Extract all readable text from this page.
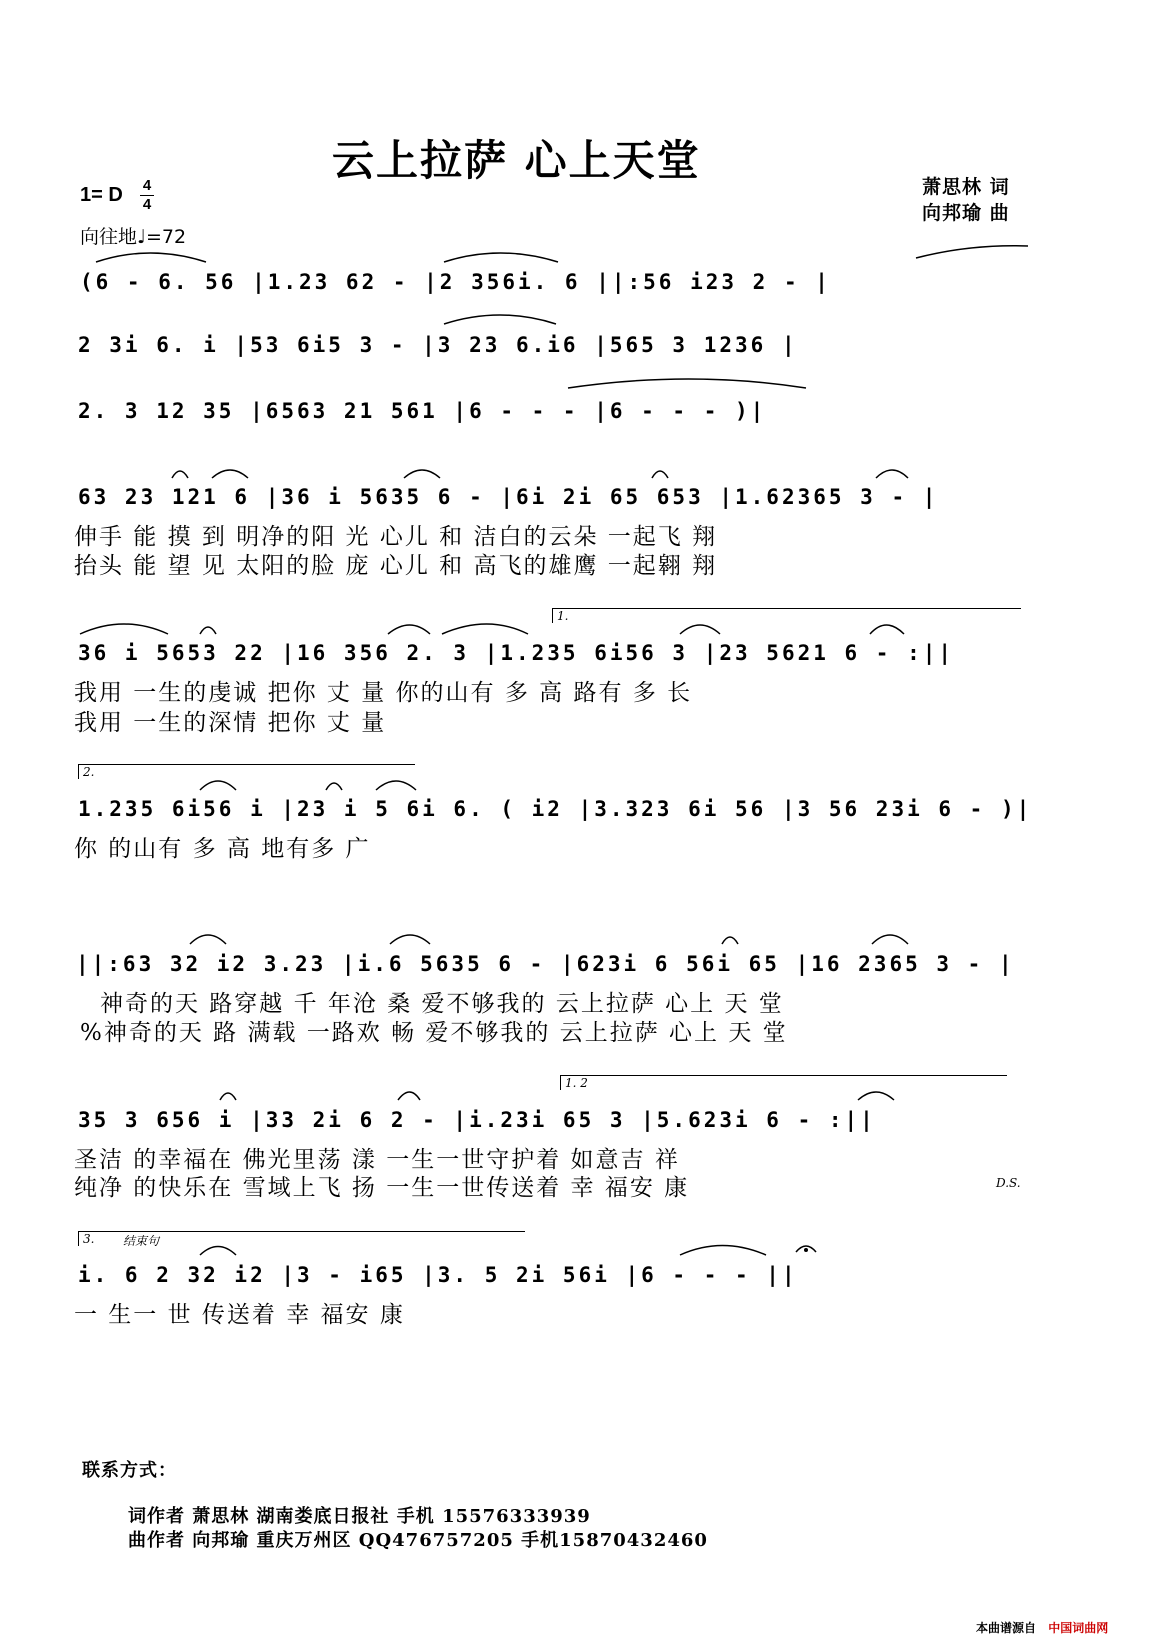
云上拉萨 心上天堂
萧思林 词
向邦瑜 曲
1= D 4
4
向往地♩=72
(6 - 6. 56 |1.23 62 - |2 356i. 6 ||:56 i23 2 - |
2 3i 6. i |53 6i5 3 - |3 23 6.i6 |565 3 1236 |
2. 3 12 35 |6563 21 561 |6 - - - |6 - - - )|
63 23 121 6 |36 i 5635 6 - |6i 2i 65 653 |1.62365 3 - |
伸手 能 摸 到 明净的阳 光 心儿 和 洁白的云朵 一起飞 翔
抬头 能 望 见 太阳的脸 庞 心儿 和 高飞的雄鹰 一起翱 翔
1.
36 i 5653 22 |16 356 2. 3 |1.235 6i56 3 |23 5621 6 - :||
我用 一生的虔诚 把你 丈 量 你的山有 多 高 路有 多 长
我用 一生的深情 把你 丈 量
2.
1.235 6i56 i |23 i 5 6i 6. ( i2 |3.323 6i 56 |3 56 23i 6 - )|
你 的山有 多 高 地有多 广
||:63 32 i2 3.23 |i.6 5635 6 - |623i 6 56i 65 |16 2365 3 - |
神奇的天 路穿越 千 年沧 桑 爱不够我的 云上拉萨 心上 天 堂
%神奇的天 路 满载 一路欢 畅 爱不够我的 云上拉萨 心上 天 堂
1. 2
35 3 656 i |33 2i 6 2 - |i.23i 65 3 |5.623i 6 - :||
圣洁 的幸福在 佛光里荡 漾 一生一世守护着 如意吉 祥
纯净 的快乐在 雪域上飞 扬 一生一世传送着 幸 福安 康	D.S.
3. 结束句
i. 6 2 32 i2 |3 - i65 |3. 5 2i 56i |6 - - - ||
一 生一 世 传送着 幸 福安 康
联系方式：
词作者 萧思林 湖南娄底日报社 手机 15576333939
曲作者 向邦瑜 重庆万州区 QQ476757205 手机15870432460
本曲谱源自 中国词曲网
